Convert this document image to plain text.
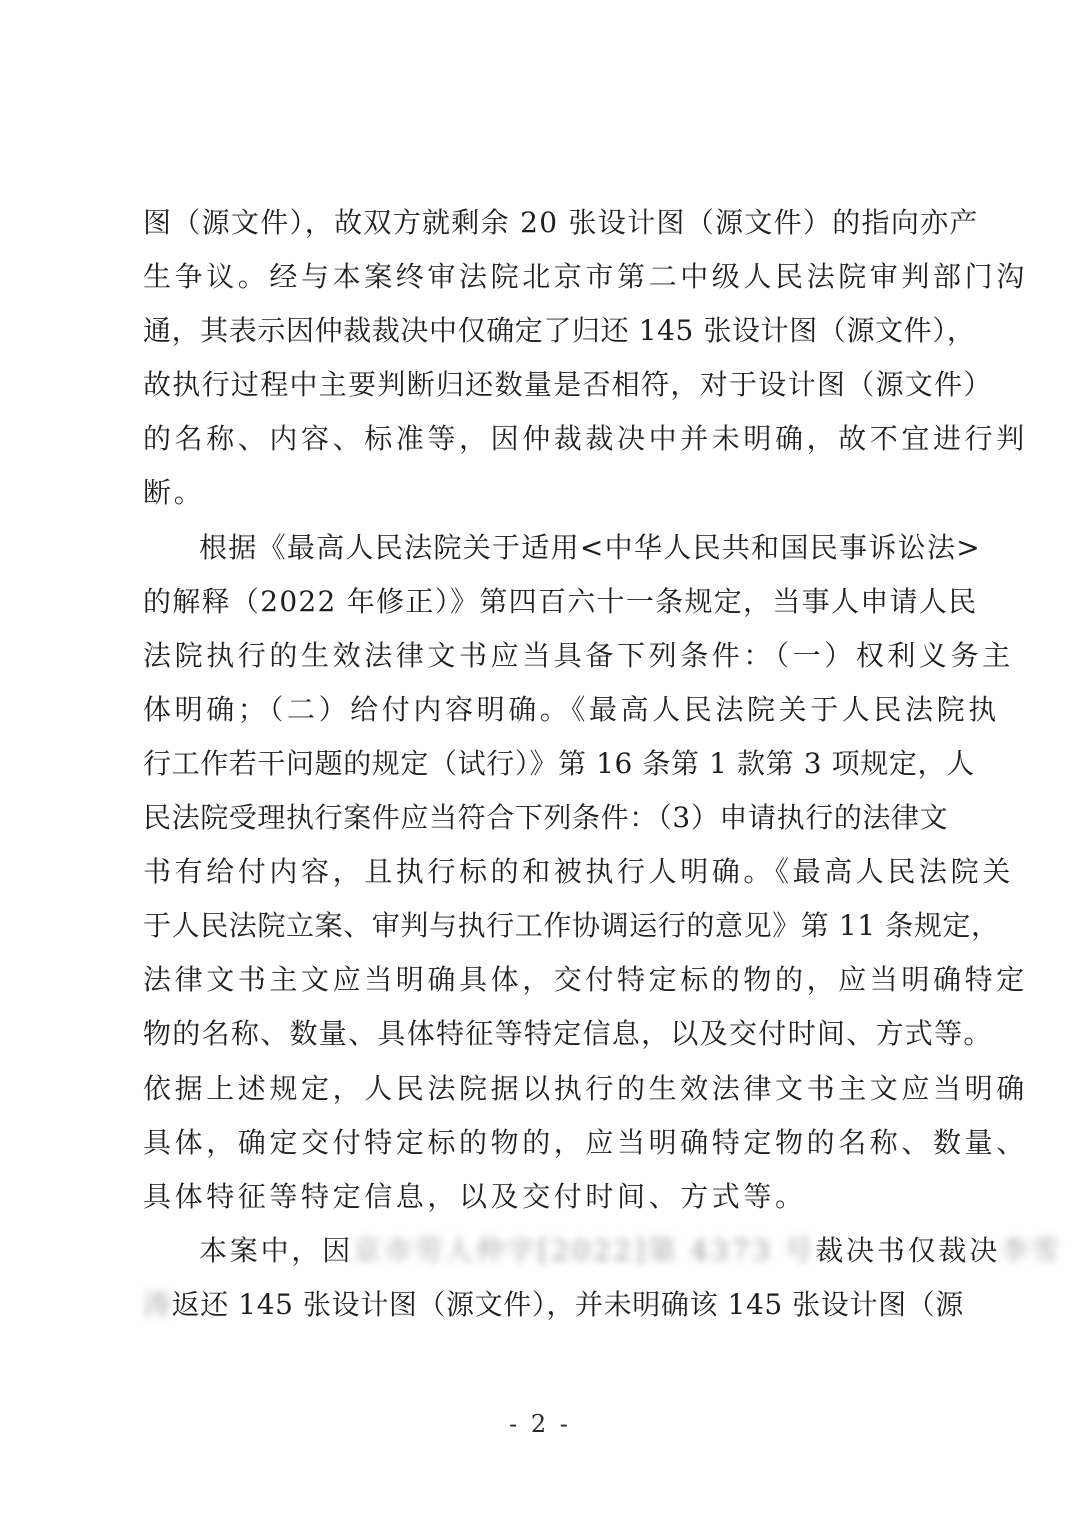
图（源文件），故双方就剩余 20 张设计图（源文件）的指向亦产
生争议。经与本案终审法院北京市第二中级人民法院审判部门沟
通，其表示因仲裁裁决中仅确定了归还 145 张设计图（源文件），
故执行过程中主要判断归还数量是否相符，对于设计图（源文件）
的名称、内容、标准等，因仲裁裁决中并未明确，故不宜进行判
断。
根据《最高人民法院关于适用<中华人民共和国民事诉讼法>
的解释（2022 年修正）》第四百六十一条规定，当事人申请人民
法院执行的生效法律文书应当具备下列条件：（一）权利义务主
体明确；（二）给付内容明确。《最高人民法院关于人民法院执
行工作若干问题的规定（试行）》第 16 条第 1 款第 3 项规定，人
民法院受理执行案件应当符合下列条件：（3）申请执行的法律文
书有给付内容，且执行标的和被执行人明确。《最高人民法院关
于人民法院立案、审判与执行工作协调运行的意见》第 11 条规定，
法律文书主文应当明确具体，交付特定标的物的，应当明确特定
物的名称、数量、具体特征等特定信息，以及交付时间、方式等。
依据上述规定，人民法院据以执行的生效法律文书主文应当明确
具体，确定交付特定标的物的，应当明确特定物的名称、数量、
具体特征等特定信息，以及交付时间、方式等。
本案中，因京市劳人仲字[2022]第 4373 号裁决书仅裁决李雪
涛返还 145 张设计图（源文件），并未明确该 145 张设计图（源
- 2 -
